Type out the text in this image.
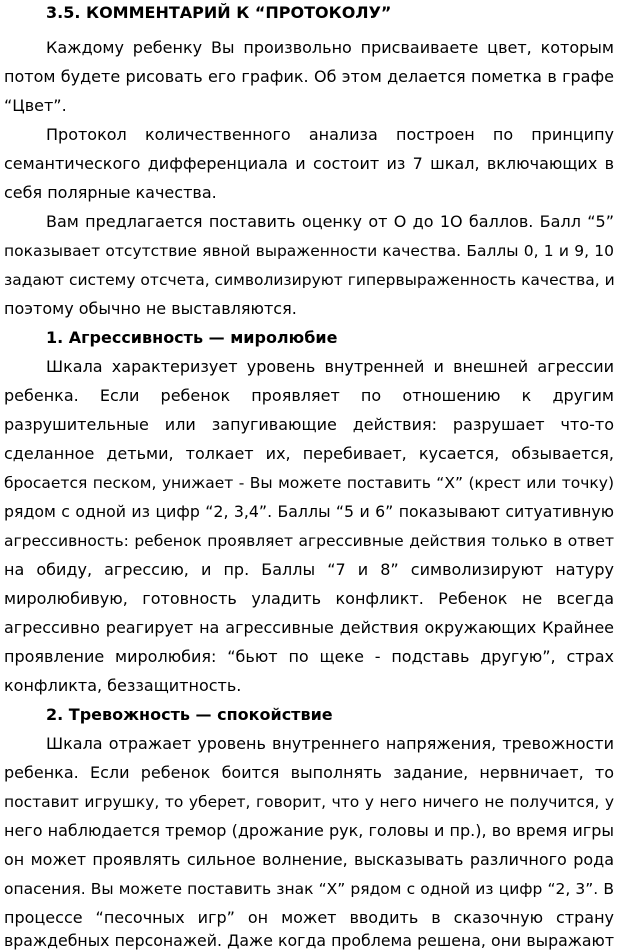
3.5. КОММЕНТАРИЙ К “ПРОТОКОЛУ”
Каждому ребенку Вы произвольно присваиваете цвет, которым
потом будете рисовать его график. Об этом делается пометка в графе
“Цвет”.
Протокол количественного анализа построен по принципу
семантического дифференциала и состоит из 7 шкал, включающих в
себя полярные качества.
Вам предлагается поставить оценку от О до 1О баллов. Балл “5”
показывает отсутствие явной выраженности качества. Баллы 0, 1 и 9, 10
задают систему отсчета, символизируют гипервыраженность качества, и
поэтому обычно не выставляются.
1. Агрессивность — миролюбие
Шкала характеризует уровень внутренней и внешней агрессии
ребенка. Если ребенок проявляет по отношению к другим
разрушительные или запугивающие действия: разрушает что-то
сделанное детьми, толкает их, перебивает, кусается, обзывается,
бросается песком, унижает - Вы можете поставить “Х” (крест или точку)
рядом с одной из цифр “2, 3,4”. Баллы “5 и 6” показывают ситуативную
агрессивность: ребенок проявляет агрессивные действия только в ответ
на обиду, агрессию, и пр. Баллы “7 и 8” символизируют натуру
миролюбивую, готовность уладить конфликт. Ребенок не всегда
агрессивно реагирует на агрессивные действия окружающих Крайнее
проявление миролюбия: “бьют по щеке - подставь другую”, страх
конфликта, беззащитность.
2. Тревожность — спокойствие
Шкала отражает уровень внутреннего напряжения, тревожности
ребенка. Если ребенок боится выполнять задание, нервничает, то
поставит игрушку, то уберет, говорит, что у него ничего не получится, у
него наблюдается тремор (дрожание рук, головы и пр.), во время игры
он может проявлять сильное волнение, высказывать различного рода
опасения. Вы можете поставить знак “Х” рядом с одной из цифр “2, 3”. В
процессе “песочных игр” он может вводить в сказочную страну
враждебных персонажей. Даже когда проблема решена, они выражают
